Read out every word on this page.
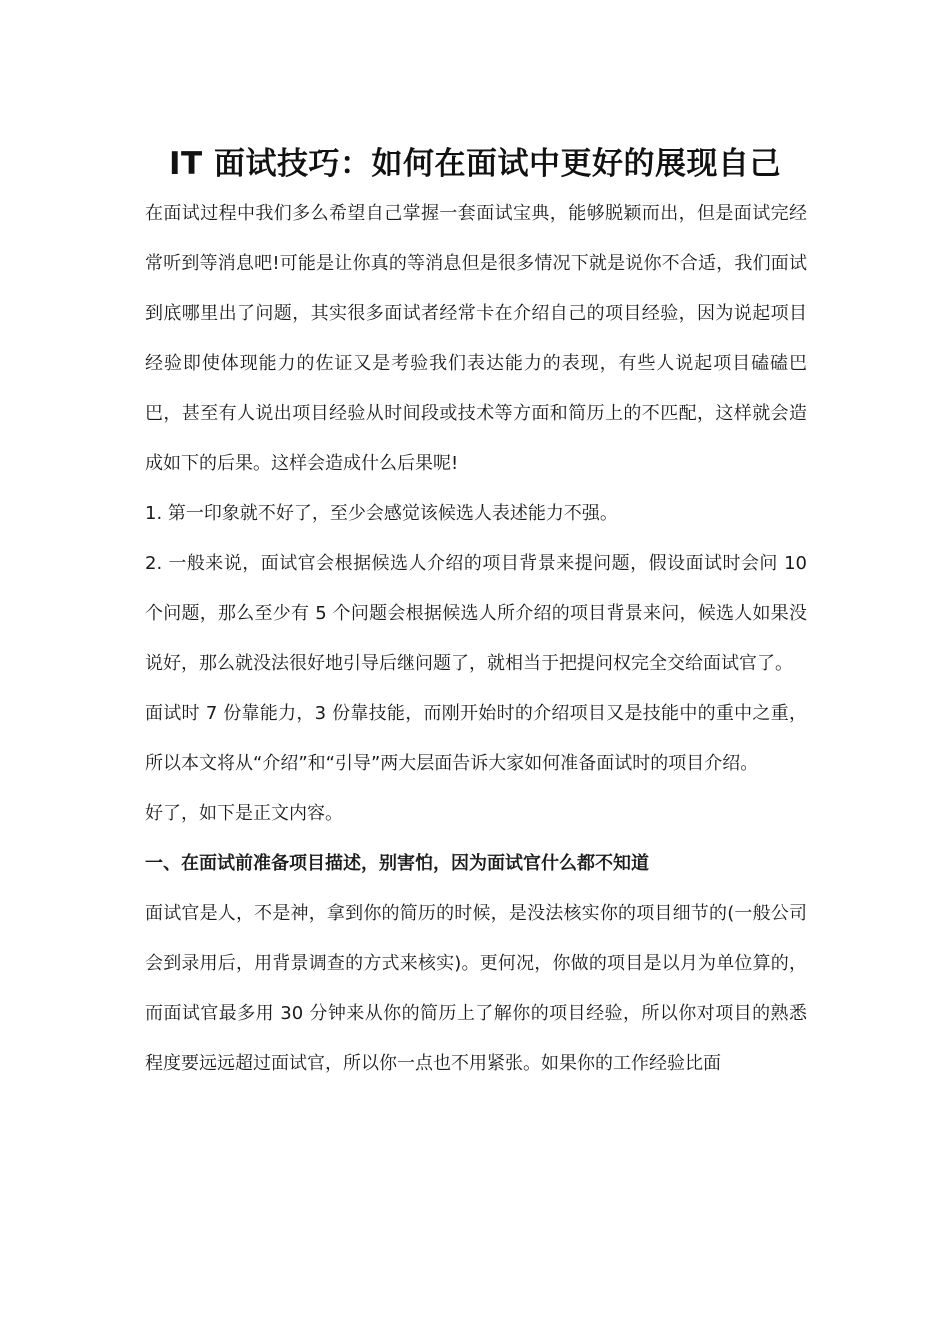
IT 面试技巧：如何在面试中更好的展现自己

在面试过程中我们多么希望自己掌握一套面试宝典，能够脱颖而出，但是面试完经常听到等消息吧!可能是让你真的等消息但是很多情况下就是说你不合适，我们面试到底哪里出了问题，其实很多面试者经常卡在介绍自己的项目经验，因为说起项目经验即使体现能力的佐证又是考验我们表达能力的表现，有些人说起项目磕磕巴巴，甚至有人说出项目经验从时间段或技术等方面和简历上的不匹配，这样就会造成如下的后果。这样会造成什么后果呢!

1. 第一印象就不好了，至少会感觉该候选人表述能力不强。

2. 一般来说，面试官会根据候选人介绍的项目背景来提问题，假设面试时会问 10 个问题，那么至少有 5 个问题会根据候选人所介绍的项目背景来问，候选人如果没说好，那么就没法很好地引导后继问题了，就相当于把提问权完全交给面试官了。

面试时 7 份靠能力，3 份靠技能，而刚开始时的介绍项目又是技能中的重中之重，所以本文将从“介绍”和“引导”两大层面告诉大家如何准备面试时的项目介绍。

好了，如下是正文内容。

一、在面试前准备项目描述，别害怕，因为面试官什么都不知道

面试官是人，不是神，拿到你的简历的时候，是没法核实你的项目细节的(一般公司会到录用后，用背景调查的方式来核实)。更何况，你做的项目是以月为单位算的，而面试官最多用 30 分钟来从你的简历上了解你的项目经验，所以你对项目的熟悉程度要远远超过面试官，所以你一点也不用紧张。如果你的工作经验比面
